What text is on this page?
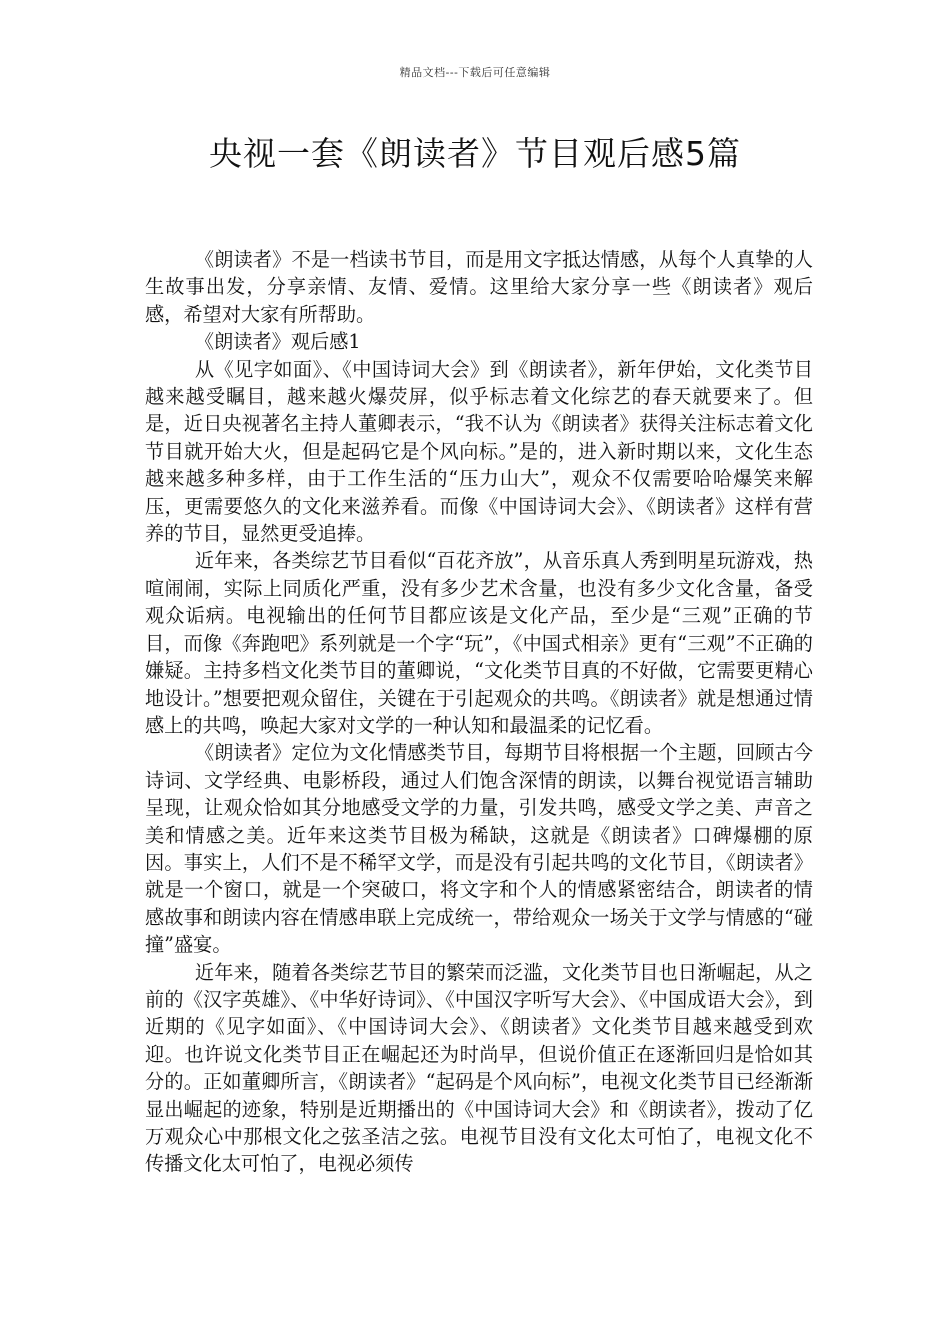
精品文档---下载后可任意编辑
央视一套《朗读者》节目观后感5篇

《朗读者》不是一档读书节目，而是用文字抵达情感，从每个人真挚的人生故事出发，分享亲情、友情、爱情。这里给大家分享一些《朗读者》观后感，希望对大家有所帮助。

《朗读者》观后感1

从《见字如面》、《中国诗词大会》到《朗读者》，新年伊始，文化类节目越来越受瞩目，越来越火爆荧屏，似乎标志着文化综艺的春天就要来了。但是，近日央视著名主持人董卿表示，“我不认为《朗读者》获得关注标志着文化节目就开始大火，但是起码它是个风向标。”是的，进入新时期以来，文化生态越来越多种多样，由于工作生活的“压力山大”，观众不仅需要哈哈爆笑来解压，更需要悠久的文化来滋养看。而像《中国诗词大会》、《朗读者》这样有营养的节目，显然更受追捧。

近年来，各类综艺节目看似“百花齐放”，从音乐真人秀到明星玩游戏，热喧闹闹，实际上同质化严重，没有多少艺术含量，也没有多少文化含量，备受观众诟病。电视输出的任何节目都应该是文化产品，至少是“三观”正确的节目，而像《奔跑吧》系列就是一个字“玩”，《中国式相亲》更有“三观”不正确的嫌疑。主持多档文化类节目的董卿说，“文化类节目真的不好做，它需要更精心地设计。”想要把观众留住，关键在于引起观众的共鸣。《朗读者》就是想通过情感上的共鸣，唤起大家对文学的一种认知和最温柔的记忆看。

《朗读者》定位为文化情感类节目，每期节目将根据一个主题，回顾古今诗词、文学经典、电影桥段，通过人们饱含深情的朗读，以舞台视觉语言辅助呈现，让观众恰如其分地感受文学的力量，引发共鸣，感受文学之美、声音之美和情感之美。近年来这类节目极为稀缺，这就是《朗读者》口碑爆棚的原因。事实上，人们不是不稀罕文学，而是没有引起共鸣的文化节目，《朗读者》就是一个窗口，就是一个突破口，将文字和个人的情感紧密结合，朗读者的情感故事和朗读内容在情感串联上完成统一，带给观众一场关于文学与情感的“碰撞”盛宴。

近年来，随着各类综艺节目的繁荣而泛滥，文化类节目也日渐崛起，从之前的《汉字英雄》、《中华好诗词》、《中国汉字听写大会》、《中国成语大会》，到近期的《见字如面》、《中国诗词大会》、《朗读者》文化类节目越来越受到欢迎。也许说文化类节目正在崛起还为时尚早，但说价值正在逐渐回归是恰如其分的。正如董卿所言，《朗读者》“起码是个风向标”，电视文化类节目已经渐渐显出崛起的迹象，特别是近期播出的《中国诗词大会》和《朗读者》，拨动了亿万观众心中那根文化之弦圣洁之弦。电视节目没有文化太可怕了，电视文化不传播文化太可怕了，电视必须传
